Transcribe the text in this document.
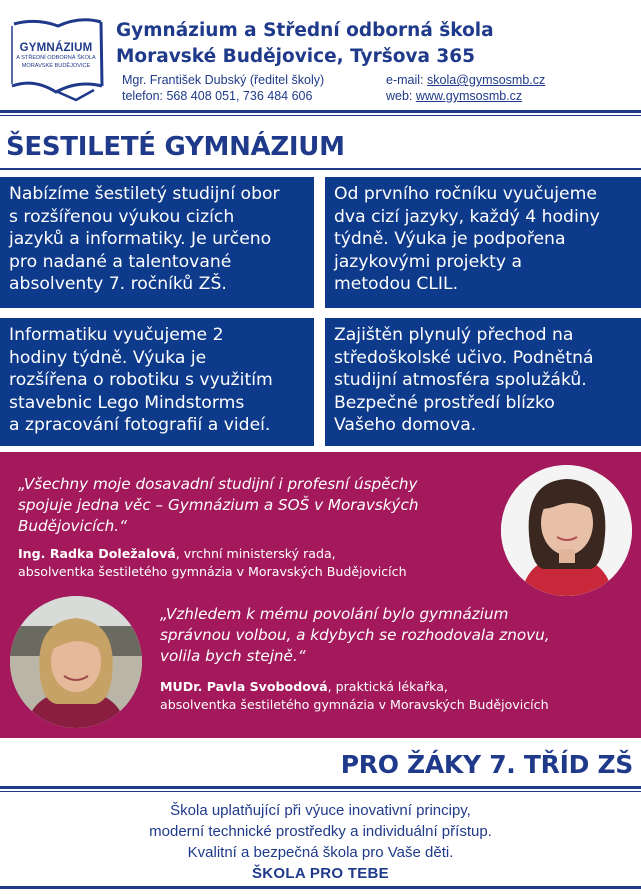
GYMNÁZIUM
A STŘEDNÍ ODBORNÁ ŠKOLA
MORAVSKÉ BUDĚJOVICE
Gymnázium a Střední odborná škola
Moravské Budějovice, Tyršova 365
Mgr. František Dubský (ředitel školy)
telefon: 568 408 051, 736 484 606
e-mail: skola@gymsosmb.cz
web: www.gymsosmb.cz
ŠESTILETÉ GYMNÁZIUM
Nabízíme šestiletý studijní obor
s rozšířenou výukou cizích
jazyků a informatiky. Je určeno
pro nadané a talentované
absolventy 7. ročníků ZŠ.
Od prvního ročníku vyučujeme
dva cizí jazyky, každý 4 hodiny
týdně. Výuka je podpořena
jazykovými projekty a
metodou CLIL.
Informatiku vyučujeme 2
hodiny týdně. Výuka je
rozšířena o robotiku s využitím
stavebnic Lego Mindstorms
a zpracování fotografií a videí.
Zajištěn plynulý přechod na
středoškolské učivo. Podnětná
studijní atmosféra spolužáků.
Bezpečné prostředí blízko
Vašeho domova.
„Všechny moje dosavadní studijní i profesní úspěchy
spojuje jedna věc – Gymnázium a SOŠ v Moravských
Budějovicích.“
Ing. Radka Doležalová, vrchní ministerský rada,
absolventka šestiletého gymnázia v Moravských Budějovicích
„Vzhledem k mému povolání bylo gymnázium
správnou volbou, a kdybych se rozhodovala znovu,
volila bych stejně.“
MUDr. Pavla Svobodová, praktická lékařka,
absolventka šestiletého gymnázia v Moravských Budějovicích
PRO ŽÁKY 7. TŘÍD ZŠ
Škola uplatňující při výuce inovativní principy,
moderní technické prostředky a individuální přístup.
Kvalitní a bezpečná škola pro Vaše děti.
ŠKOLA PRO TEBE
